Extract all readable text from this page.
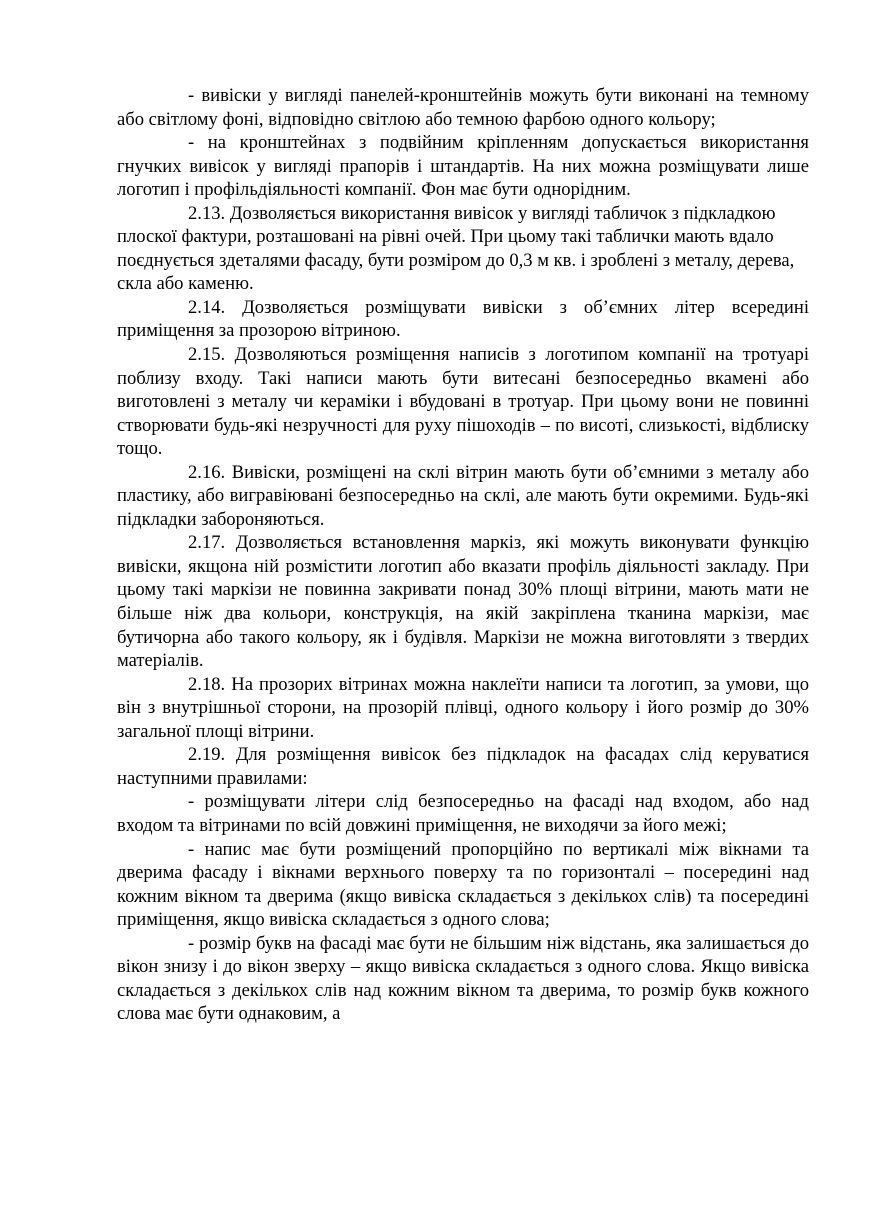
- вивіски у вигляді панелей-кронштейнів можуть бути виконані на темному або світлому фоні, відповідно світлою або темною фарбою одного кольору;

- на кронштейнах з подвійним кріпленням допускається використання гнучких вивісок у вигляді прапорів і штандартів. На них можна розміщувати лише логотип і профільдіяльності компанії. Фон має бути однорідним.

2.13. Дозволяється використання вивісок у вигляді табличок з підкладкою плоскої фактури, розташовані на рівні очей. При цьому такі таблички мають вдало поєднується здеталями фасаду, бути розміром до 0,3 м кв. і зроблені з металу, дерева, скла або каменю.

2.14. Дозволяється розміщувати вивіски з об’ємних літер всередині приміщення за прозорою вітриною.

2.15. Дозволяються розміщення написів з логотипом компанії на тротуарі поблизу входу. Такі написи мають бути витесані безпосередньо вкамені або виготовлені з металу чи кераміки і вбудовані в тротуар. При цьому вони не повинні створювати будь-які незручності для руху пішоходів – по висоті, слизькості, відблиску тощо.

2.16. Вивіски, розміщені на склі вітрин мають бути об’ємними з металу або пластику, або вигравіювані безпосередньо на склі, але мають бути окремими. Будь-які підкладки забороняються.

2.17. Дозволяється встановлення маркіз, які можуть виконувати функцію вивіски, якщона ній розмістити логотип або вказати профіль діяльності закладу. При цьому такі маркізи не повинна закривати понад 30% площі вітрини, мають мати не більше ніж два кольори, конструкція, на якій закріплена тканина маркізи, має бутичорна або такого кольору, як і будівля. Маркізи не можна виготовляти з твердих матеріалів.

2.18. На прозорих вітринах можна наклеїти написи та логотип, за умови, що він з внутрішньої сторони, на прозорій плівці, одного кольору і його розмір до 30% загальної площі вітрини.

2.19. Для розміщення вивісок без підкладок на фасадах слід керуватися наступними правилами:

- розміщувати літери слід безпосередньо на фасаді над входом, або над входом та вітринами по всій довжині приміщення, не виходячи за його межі;

- напис має бути розміщений пропорційно по вертикалі між вікнами та дверима фасаду і вікнами верхнього поверху та по горизонталі – посередині над кожним вікном та дверима (якщо вивіска складається з декількох слів) та посередині приміщення, якщо вивіска складається з одного слова;

- розмір букв на фасаді має бути не більшим ніж відстань, яка залишається до вікон знизу і до вікон зверху – якщо вивіска складається з одного слова. Якщо вивіска складається з декількох слів над кожним вікном та дверима, то розмір букв кожного слова має бути однаковим, а
